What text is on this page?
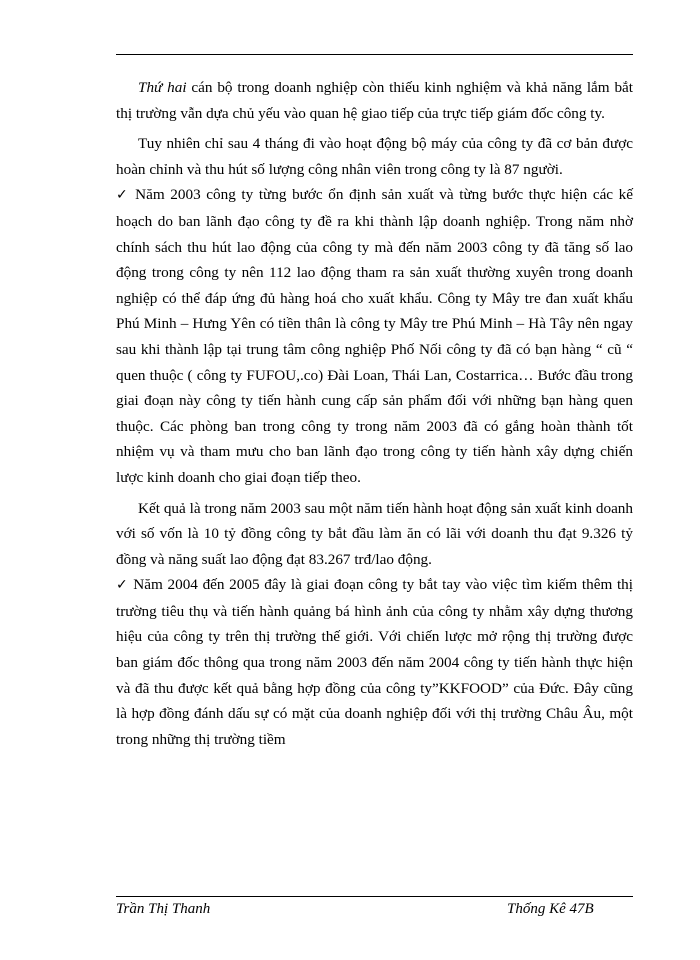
Thứ hai cán bộ trong doanh nghiệp còn thiếu kinh nghiệm và khả năng lắm bắt thị trường vẫn dựa chủ yếu vào quan hệ giao tiếp của trực tiếp giám đốc công ty.

Tuy nhiên chỉ sau 4 tháng đi vào hoạt động bộ máy của công ty đã cơ bản được hoàn chỉnh và thu hút số lượng công nhân viên trong công ty là 87 người.

✓ Năm 2003 công ty từng bước ổn định sản xuất và từng bước thực hiện các kế hoạch do ban lãnh đạo công ty đề ra khi thành lập doanh nghiệp. Trong năm nhờ chính sách thu hút lao động của công ty mà đến năm 2003 công ty đã tăng số lao động trong công ty nên 112 lao động tham ra sản xuất thường xuyên trong doanh nghiệp có thể đáp ứng đủ hàng hoá cho xuất khẩu. Công ty Mây tre đan xuất khẩu Phú Minh – Hưng Yên có tiền thân là công ty Mây tre Phú Minh – Hà Tây nên ngay sau khi thành lập tại trung tâm công nghiệp Phố Nối công ty đã có bạn hàng “ cũ “ quen thuộc ( công ty FUFOU,.co) Đài Loan, Thái Lan, Costarrica… Bước đầu trong giai đoạn này công ty tiến hành cung cấp sản phẩm đối với những bạn hàng quen thuộc. Các phòng ban trong công ty trong năm 2003 đã có gắng hoàn thành tốt nhiệm vụ và tham mưu cho ban lãnh đạo trong công ty tiến hành xây dựng chiến lược kinh doanh cho giai đoạn tiếp theo.

Kết quả là trong năm 2003 sau một năm tiến hành hoạt động sản xuất kinh doanh với số vốn là 10 tỷ đồng công ty bắt đầu làm ăn có lãi với doanh thu đạt 9.326 tỷ đồng và năng suất lao động đạt 83.267 trđ/lao động.

✓ Năm 2004 đến 2005 đây là giai đoạn công ty bắt tay vào việc tìm kiếm thêm thị trường tiêu thụ và tiến hành quảng bá hình ảnh của công ty nhằm xây dựng thương hiệu của công ty trên thị trường thế giới. Với chiến lược mở rộng thị trường được ban giám đốc thông qua trong năm 2003 đến năm 2004 công ty tiến hành thực hiện và đã thu được kết quả bằng hợp đồng của công ty”KKFOOD” của Đức. Đây cũng là hợp đồng đánh dấu sự có mặt của doanh nghiệp đối với thị trường Châu Âu, một trong những thị trường tiềm

Trần Thị Thanh	Thống Kê 47B
